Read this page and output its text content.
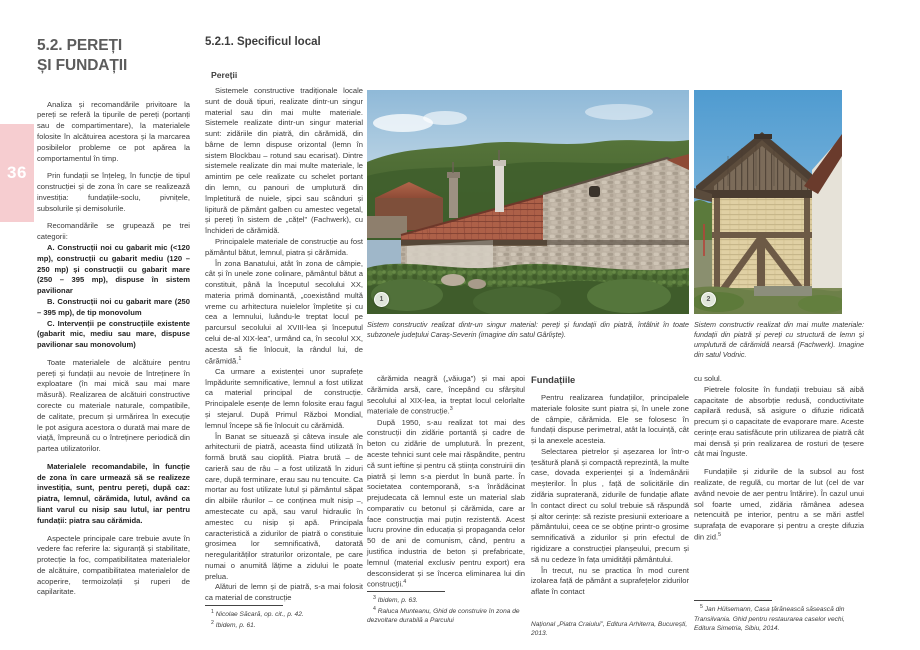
36
5.2. PEREȚI
ȘI FUNDAȚII

Analiza și recomandările privitoare la pereți se referă la tipurile de pereți (portanți sau de compartimentare), la materialele folosite în alcătuirea acestora și la marcarea posibilelor probleme ce pot apărea la comportamentul în timp.

Prin fundații se înțeleg, în funcție de tipul construcției și de zona în care se realizează investiția: fundațiile-soclu, pivnițele, subsolurile și demisolurile.

Recomandările se grupează pe trei categorii:

A. Construcții noi cu gabarit mic (<120 mp), construcții cu gabarit mediu (120 – 250 mp) și construcții cu gabarit mare (250 – 395 mp), dispuse în sistem pavilionar

B. Construcții noi cu gabarit mare (250 – 395 mp), de tip monovolum

C. Intervenții pe construcțiile existente (gabarit mic, mediu sau mare, dispuse pavilionar sau monovolum)

Toate materialele de alcătuire pentru pereți și fundații au nevoie de întreținere în exploatare (în mai mică sau mai mare măsură). Realizarea de alcătuiri constructive corecte cu materiale naturale, compatibile, de calitate, precum și urmărirea în execuție le pot asigura acestora o durată mai mare de viață, împreună cu o întreținere periodică din partea utilizatorilor.

Materialele recomandabile, în funcție de zona în care urmează să se realizeze investiția, sunt, pentru pereți, după caz: piatra, lemnul, cărămida, lutul, având ca liant varul cu nisip sau lutul, iar pentru fundații: piatra sau cărămida.

Aspectele principale care trebuie avute în vedere fac referire la: siguranță și stabilitate, protecție la foc, compatibilitatea materialelor de alcătuire, compatibilitatea materialelor de acoperire, termoizolații și ruperi de capilaritate.

5.2.1. Specificul local
Pereții

Sistemele constructive tradiționale locale sunt de două tipuri, realizate dintr-un singur material sau din mai multe materiale. Sistemele realizate dintr-un singur material sunt: zidăriile din piatră, din cărămidă, din bârne de lemn dispuse orizontal (lemn în sistem Blockbau – rotund sau ecarisat). Dintre sistemele realizate din mai multe materiale, le amintim pe cele realizate cu schelet portant din lemn, cu panouri de umplutură din împletitură de nuiele, șipci sau scânduri și lipitură de pământ galben cu amestec vegetal, și pereți în sistem de „cățel” (Fachwerk), cu închideri de cărămidă.

Principalele materiale de construcție au fost pământul bătut, lemnul, piatra și cărămida.

În zona Banatului, atât în zona de câmpie, cât și în unele zone colinare, pământul bătut a constituit, până la începutul secolului XX, materia primă dominantă, „coexistând multă vreme cu arhitectura nuielelor împletite și cu cea a lemnului, luându-le treptat locul pe parcursul secolului al XVIII-lea și începutul celui de-al XIX-lea”, urmând ca, în secolul XX, acesta să fie înlocuit, la rândul lui, de cărămidă.$^1$

Ca urmare a existenței unor suprafețe împădurite semnificative, lemnul a fost utilizat ca material principal de construcție. Principalele esențe de lemn folosite erau fagul și stejarul. După Primul Război Mondial, lemnul începe să fie înlocuit cu cărămidă.

În Banat se situează și câteva insule ale arhitecturii de piatră, aceasta fiind utilizată în formă brută sau cioplită. Piatra brută – de carieră sau de râu – a fost utilizată în ziduri care, după terminare, erau sau nu tencuite. Ca mortar au fost utilizate lutul și pământul săpat din albiile râurilor – ce conținea mult nisip –, amestecate cu apă, sau varul hidraulic în amestec cu nisip și apă. Principala caracteristică a zidurilor de piatră o constituie grosimea lor semnificativă, datorată neregularităților straturilor orizontale, pe care numai o anumită lățime a zidului le poate prelua.

Alături de lemn și de piatră, s-a mai folosit ca material de construcție

$^1$ Nicolae Săcară, op. cit., p. 42.

$^2$ Ibidem, p. 61.

1	2
Sistem constructiv realizat dintr-un singur material: pereți și fundații din piatră, întâlnit în toate subzonele județului Caraș-Severin (imagine din satul Gârliște).
Sistem constructiv realizat din mai multe materiale: fundații din piatră și pereți cu structură de lemn și umplutură de cărămidă nearsă (Fachwerk). Imagine din satul Vodnic.

cărămida neagră („văiuga”) și mai apoi cărămida arsă, care, începând cu sfârșitul secolului al XIX-lea, ia treptat locul celorlalte materiale de construcție.$^3$

După 1950, s-au realizat tot mai des construcții din zidărie portantă și cadre de beton cu zidărie de umplutură. În prezent, aceste tehnici sunt cele mai răspândite, pentru că sunt ieftine și pentru că știința construirii din piatră și lemn s-a pierdut în bună parte. În societatea contemporană, s-a înrădăcinat prejudecata că lemnul este un material slab comparativ cu betonul și cărămida, care ar face construcția mai puțin rezistentă. Acest lucru provine din educația și propaganda celor 50 de ani de comunism, când, pentru a justifica industria de beton și prefabricate, lemnul (material exclusiv pentru export) era desconsiderat și se încerca eliminarea lui din construcții.$^4$

$^3$ Ibidem, p. 63.

$^4$ Raluca Munteanu, Ghid de construire în zona de dezvoltare durabilă a Parcului

Fundațiile

Pentru realizarea fundațiilor, principalele materiale folosite sunt piatra și, în unele zone de câmpie, cărămida. Ele se folosesc în fundații dispuse perimetral, atât la locuință, cât și la anexele acesteia.

Selectarea pietrelor și așezarea lor într-o țesătură plană și compactă reprezintă, la multe case, dovada experienței și a îndemânării meșterilor. În plus , față de solicitările din zidăria supraterană, zidurile de fundație aflate în contact direct cu solul trebuie să răspundă și altor cerințe: să reziste presiunii exterioare a pământului, ceea ce se obține printr-o grosime semnificativă a zidurilor și prin efectul de rigidizare a construcției planșeului, precum și să nu cedeze în fața umidității pământului.

În trecut, nu se practica în mod curent izolarea față de pământ a suprafețelor zidurilor aflate în contact

Național „Piatra Craiului”, Editura Arhiterra, București, 2013.

cu solul.

Pietrele folosite în fundații trebuiau să aibă capacitate de absorbție redusă, conductivitate capilară redusă, să asigure o difuzie ridicată precum și o capacitate de evaporare mare. Aceste cerințe erau satisfăcute prin utilizarea de piatră cât mai densă și prin realizarea de rosturi de țesere cât mai înguste.

Fundațiile și zidurile de la subsol au fost realizate, de regulă, cu mortar de lut (cel de var având nevoie de aer pentru întărire). În cazul unui sol foarte umed, zidăria rămânea adesea netencuită pe interior, pentru a se mări astfel suprafața de evaporare și pentru a crește difuzia din zid.$^5$

$^5$ Jan Hülsemann, Casa țărănească săsească din Transilvania. Ghid pentru restaurarea caselor vechi, Editura Simetria, Sibiu, 2014.
